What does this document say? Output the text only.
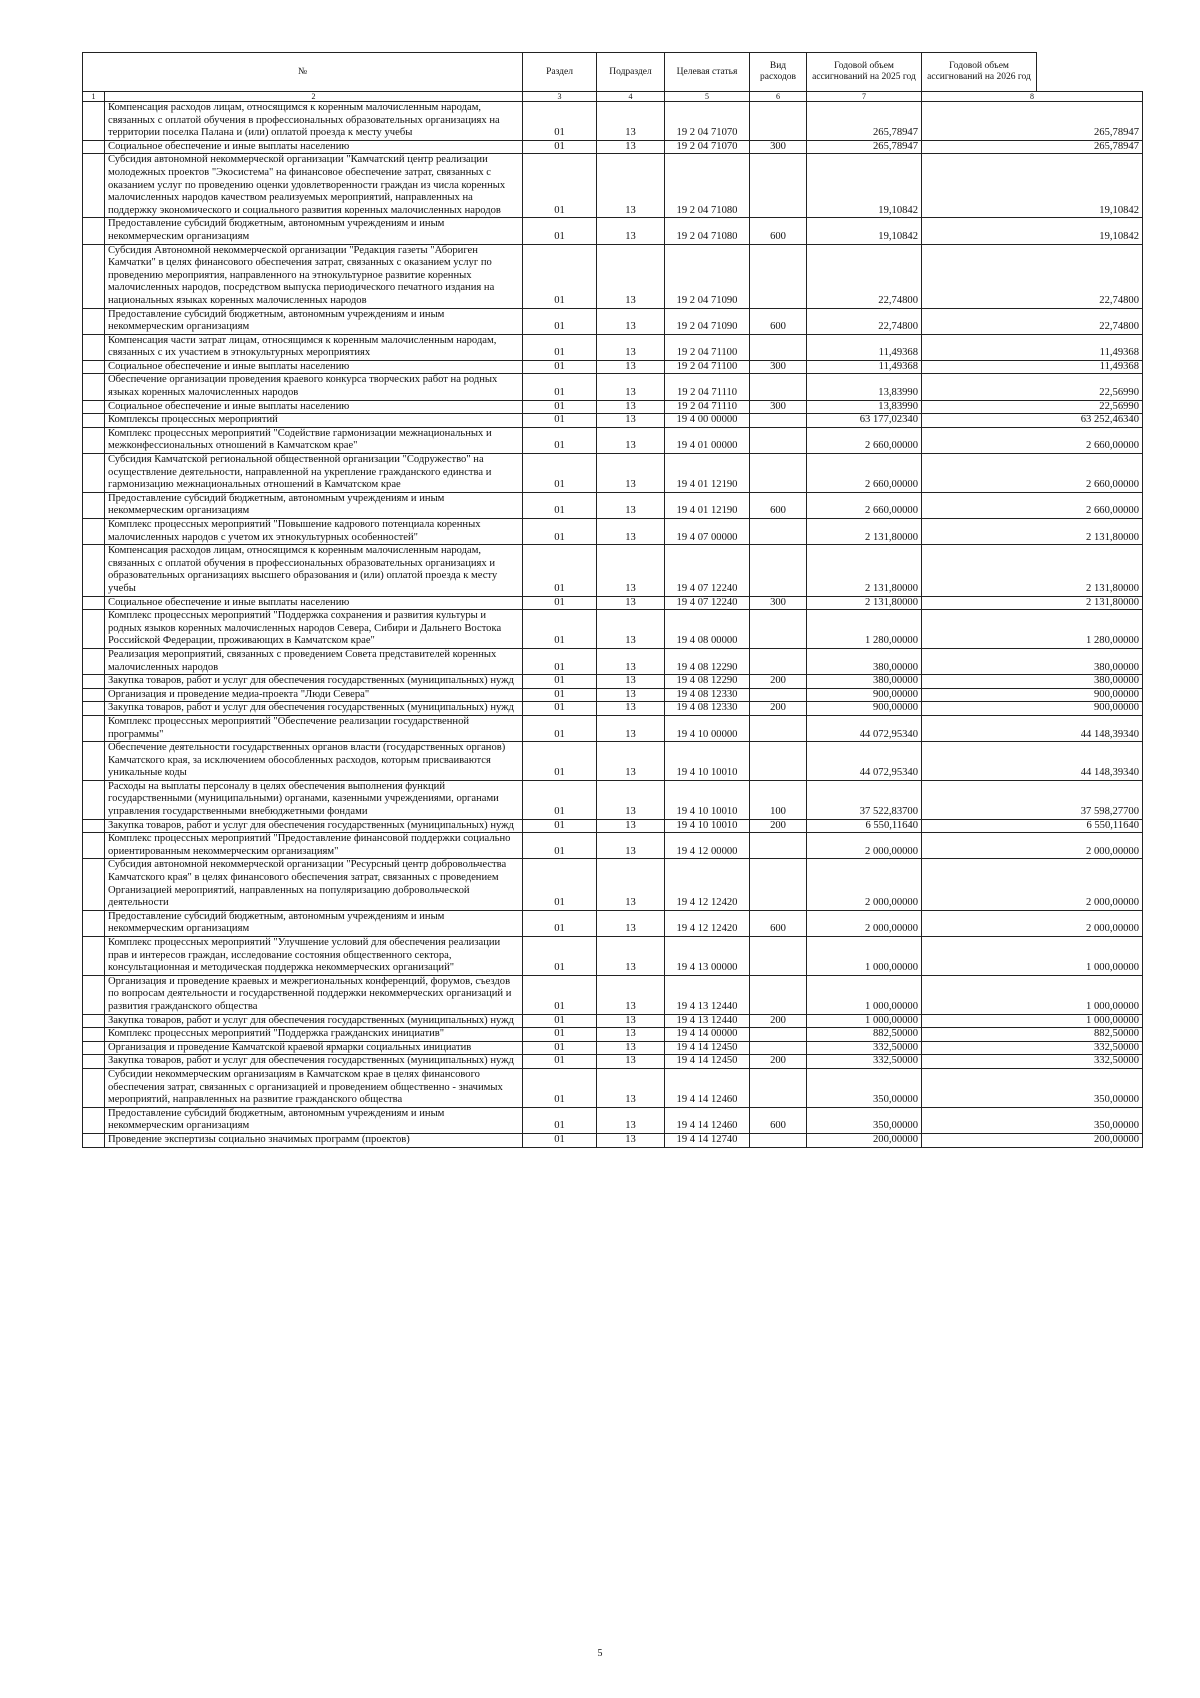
№		Раздел	Подраздел	Целевая статья	Вид расходов	Годовой объем ассигнований на 2025 год	Годовой объем ассигнований на 2026 год
1	2	3	4	5	6	7	8
	Компенсация расходов лицам, относящимся к коренным малочисленным народам, связанных с оплатой обучения в профессиональных образовательных организациях на территории поселка Палана и (или) оплатой проезда к месту учебы	01	13	19 2 04 71070		265,78947	265,78947
	Социальное обеспечение и иные выплаты населению	01	13	19 2 04 71070	300	265,78947	265,78947
	Субсидия автономной некоммерческой организации "Камчатский центр реализации молодежных проектов "Экосистема" на финансовое обеспечение затрат, связанных с оказанием услуг по проведению оценки удовлетворенности граждан из числа коренных малочисленных народов качеством реализуемых мероприятий, направленных на поддержку экономического и социального развития коренных малочисленных народов	01	13	19 2 04 71080		19,10842	19,10842
	Предоставление субсидий бюджетным, автономным учреждениям и иным некоммерческим организациям	01	13	19 2 04 71080	600	19,10842	19,10842
	Субсидия Автономной некоммерческой организации "Редакция газеты "Абориген Камчатки" в целях финансового обеспечения затрат, связанных с оказанием услуг по проведению мероприятия, направленного на этнокультурное развитие коренных малочисленных народов, посредством выпуска периодического печатного издания на национальных языках коренных малочисленных народов	01	13	19 2 04 71090		22,74800	22,74800
	Предоставление субсидий бюджетным, автономным учреждениям и иным некоммерческим организациям	01	13	19 2 04 71090	600	22,74800	22,74800
	Компенсация части затрат лицам, относящимся к коренным малочисленным народам, связанных с их участием в этнокультурных мероприятиях	01	13	19 2 04 71100		11,49368	11,49368
	Социальное обеспечение и иные выплаты населению	01	13	19 2 04 71100	300	11,49368	11,49368
	Обеспечение организации проведения краевого конкурса творческих работ на родных языках коренных малочисленных народов	01	13	19 2 04 71110		13,83990	22,56990
	Социальное обеспечение и иные выплаты населению	01	13	19 2 04 71110	300	13,83990	22,56990
	Комплексы процессных мероприятий	01	13	19 4 00 00000		63 177,02340	63 252,46340
	Комплекс процессных мероприятий "Содействие гармонизации межнациональных и межконфессиональных отношений в Камчатском крае"	01	13	19 4 01 00000		2 660,00000	2 660,00000
	Субсидия Камчатской региональной общественной организации "Содружество" на осуществление деятельности, направленной на укрепление гражданского единства и гармонизацию межнациональных отношений в Камчатском крае	01	13	19 4 01 12190		2 660,00000	2 660,00000
	Предоставление субсидий бюджетным, автономным учреждениям и иным некоммерческим организациям	01	13	19 4 01 12190	600	2 660,00000	2 660,00000
	Комплекс процессных мероприятий "Повышение кадрового потенциала коренных малочисленных народов с учетом их этнокультурных особенностей"	01	13	19 4 07 00000		2 131,80000	2 131,80000
	Компенсация расходов лицам, относящимся к коренным малочисленным народам, связанных с оплатой обучения в профессиональных образовательных организациях и образовательных организациях высшего образования и (или) оплатой проезда к месту учебы	01	13	19 4 07 12240		2 131,80000	2 131,80000
	Социальное обеспечение и иные выплаты населению	01	13	19 4 07 12240	300	2 131,80000	2 131,80000
	Комплекс процессных мероприятий "Поддержка сохранения и развития культуры и родных языков коренных малочисленных народов Севера, Сибири и Дальнего Востока Российской Федерации, проживающих в Камчатском крае"	01	13	19 4 08 00000		1 280,00000	1 280,00000
	Реализация мероприятий, связанных с проведением Совета представителей коренных малочисленных народов	01	13	19 4 08 12290		380,00000	380,00000
	Закупка товаров, работ и услуг для обеспечения государственных (муниципальных) нужд	01	13	19 4 08 12290	200	380,00000	380,00000
	Организация и проведение медиа-проекта "Люди Севера"	01	13	19 4 08 12330		900,00000	900,00000
	Закупка товаров, работ и услуг для обеспечения государственных (муниципальных) нужд	01	13	19 4 08 12330	200	900,00000	900,00000
	Комплекс процессных мероприятий "Обеспечение реализации государственной программы"	01	13	19 4 10 00000		44 072,95340	44 148,39340
	Обеспечение деятельности государственных органов власти (государственных органов) Камчатского края, за исключением обособленных расходов, которым присваиваются уникальные коды	01	13	19 4 10 10010		44 072,95340	44 148,39340
	Расходы на выплаты персоналу в целях обеспечения выполнения функций государственными (муниципальными) органами, казенными учреждениями, органами управления государственными внебюджетными фондами	01	13	19 4 10 10010	100	37 522,83700	37 598,27700
	Закупка товаров, работ и услуг для обеспечения государственных (муниципальных) нужд	01	13	19 4 10 10010	200	6 550,11640	6 550,11640
	Комплекс процессных мероприятий "Предоставление финансовой поддержки социально ориентированным некоммерческим организациям"	01	13	19 4 12 00000		2 000,00000	2 000,00000
	Субсидия автономной некоммерческой организации "Ресурсный центр добровольчества Камчатского края" в целях финансового обеспечения затрат, связанных с проведением Организацией мероприятий, направленных на популяризацию добровольческой деятельности	01	13	19 4 12 12420		2 000,00000	2 000,00000
	Предоставление субсидий бюджетным, автономным учреждениям и иным некоммерческим организациям	01	13	19 4 12 12420	600	2 000,00000	2 000,00000
	Комплекс процессных мероприятий "Улучшение условий для обеспечения реализации прав и интересов граждан, исследование состояния общественного сектора, консультационная и методическая поддержка некоммерческих организаций"	01	13	19 4 13 00000		1 000,00000	1 000,00000
	Организация и проведение краевых и межрегиональных конференций, форумов, съездов по вопросам деятельности и государственной поддержки некоммерческих организаций и развития гражданского общества	01	13	19 4 13 12440		1 000,00000	1 000,00000
	Закупка товаров, работ и услуг для обеспечения государственных (муниципальных) нужд	01	13	19 4 13 12440	200	1 000,00000	1 000,00000
	Комплекс процессных мероприятий "Поддержка гражданских инициатив"	01	13	19 4 14 00000		882,50000	882,50000
	Организация и проведение Камчатской краевой ярмарки социальных инициатив	01	13	19 4 14 12450		332,50000	332,50000
	Закупка товаров, работ и услуг для обеспечения государственных (муниципальных) нужд	01	13	19 4 14 12450	200	332,50000	332,50000
	Субсидии некоммерческим организациям в Камчатском крае в целях финансового обеспечения затрат, связанных с организацией и проведением общественно - значимых мероприятий, направленных на развитие гражданского общества	01	13	19 4 14 12460		350,00000	350,00000
	Предоставление субсидий бюджетным, автономным учреждениям и иным некоммерческим организациям	01	13	19 4 14 12460	600	350,00000	350,00000
	Проведение экспертизы социально значимых программ (проектов)	01	13	19 4 14 12740		200,00000	200,00000
5
